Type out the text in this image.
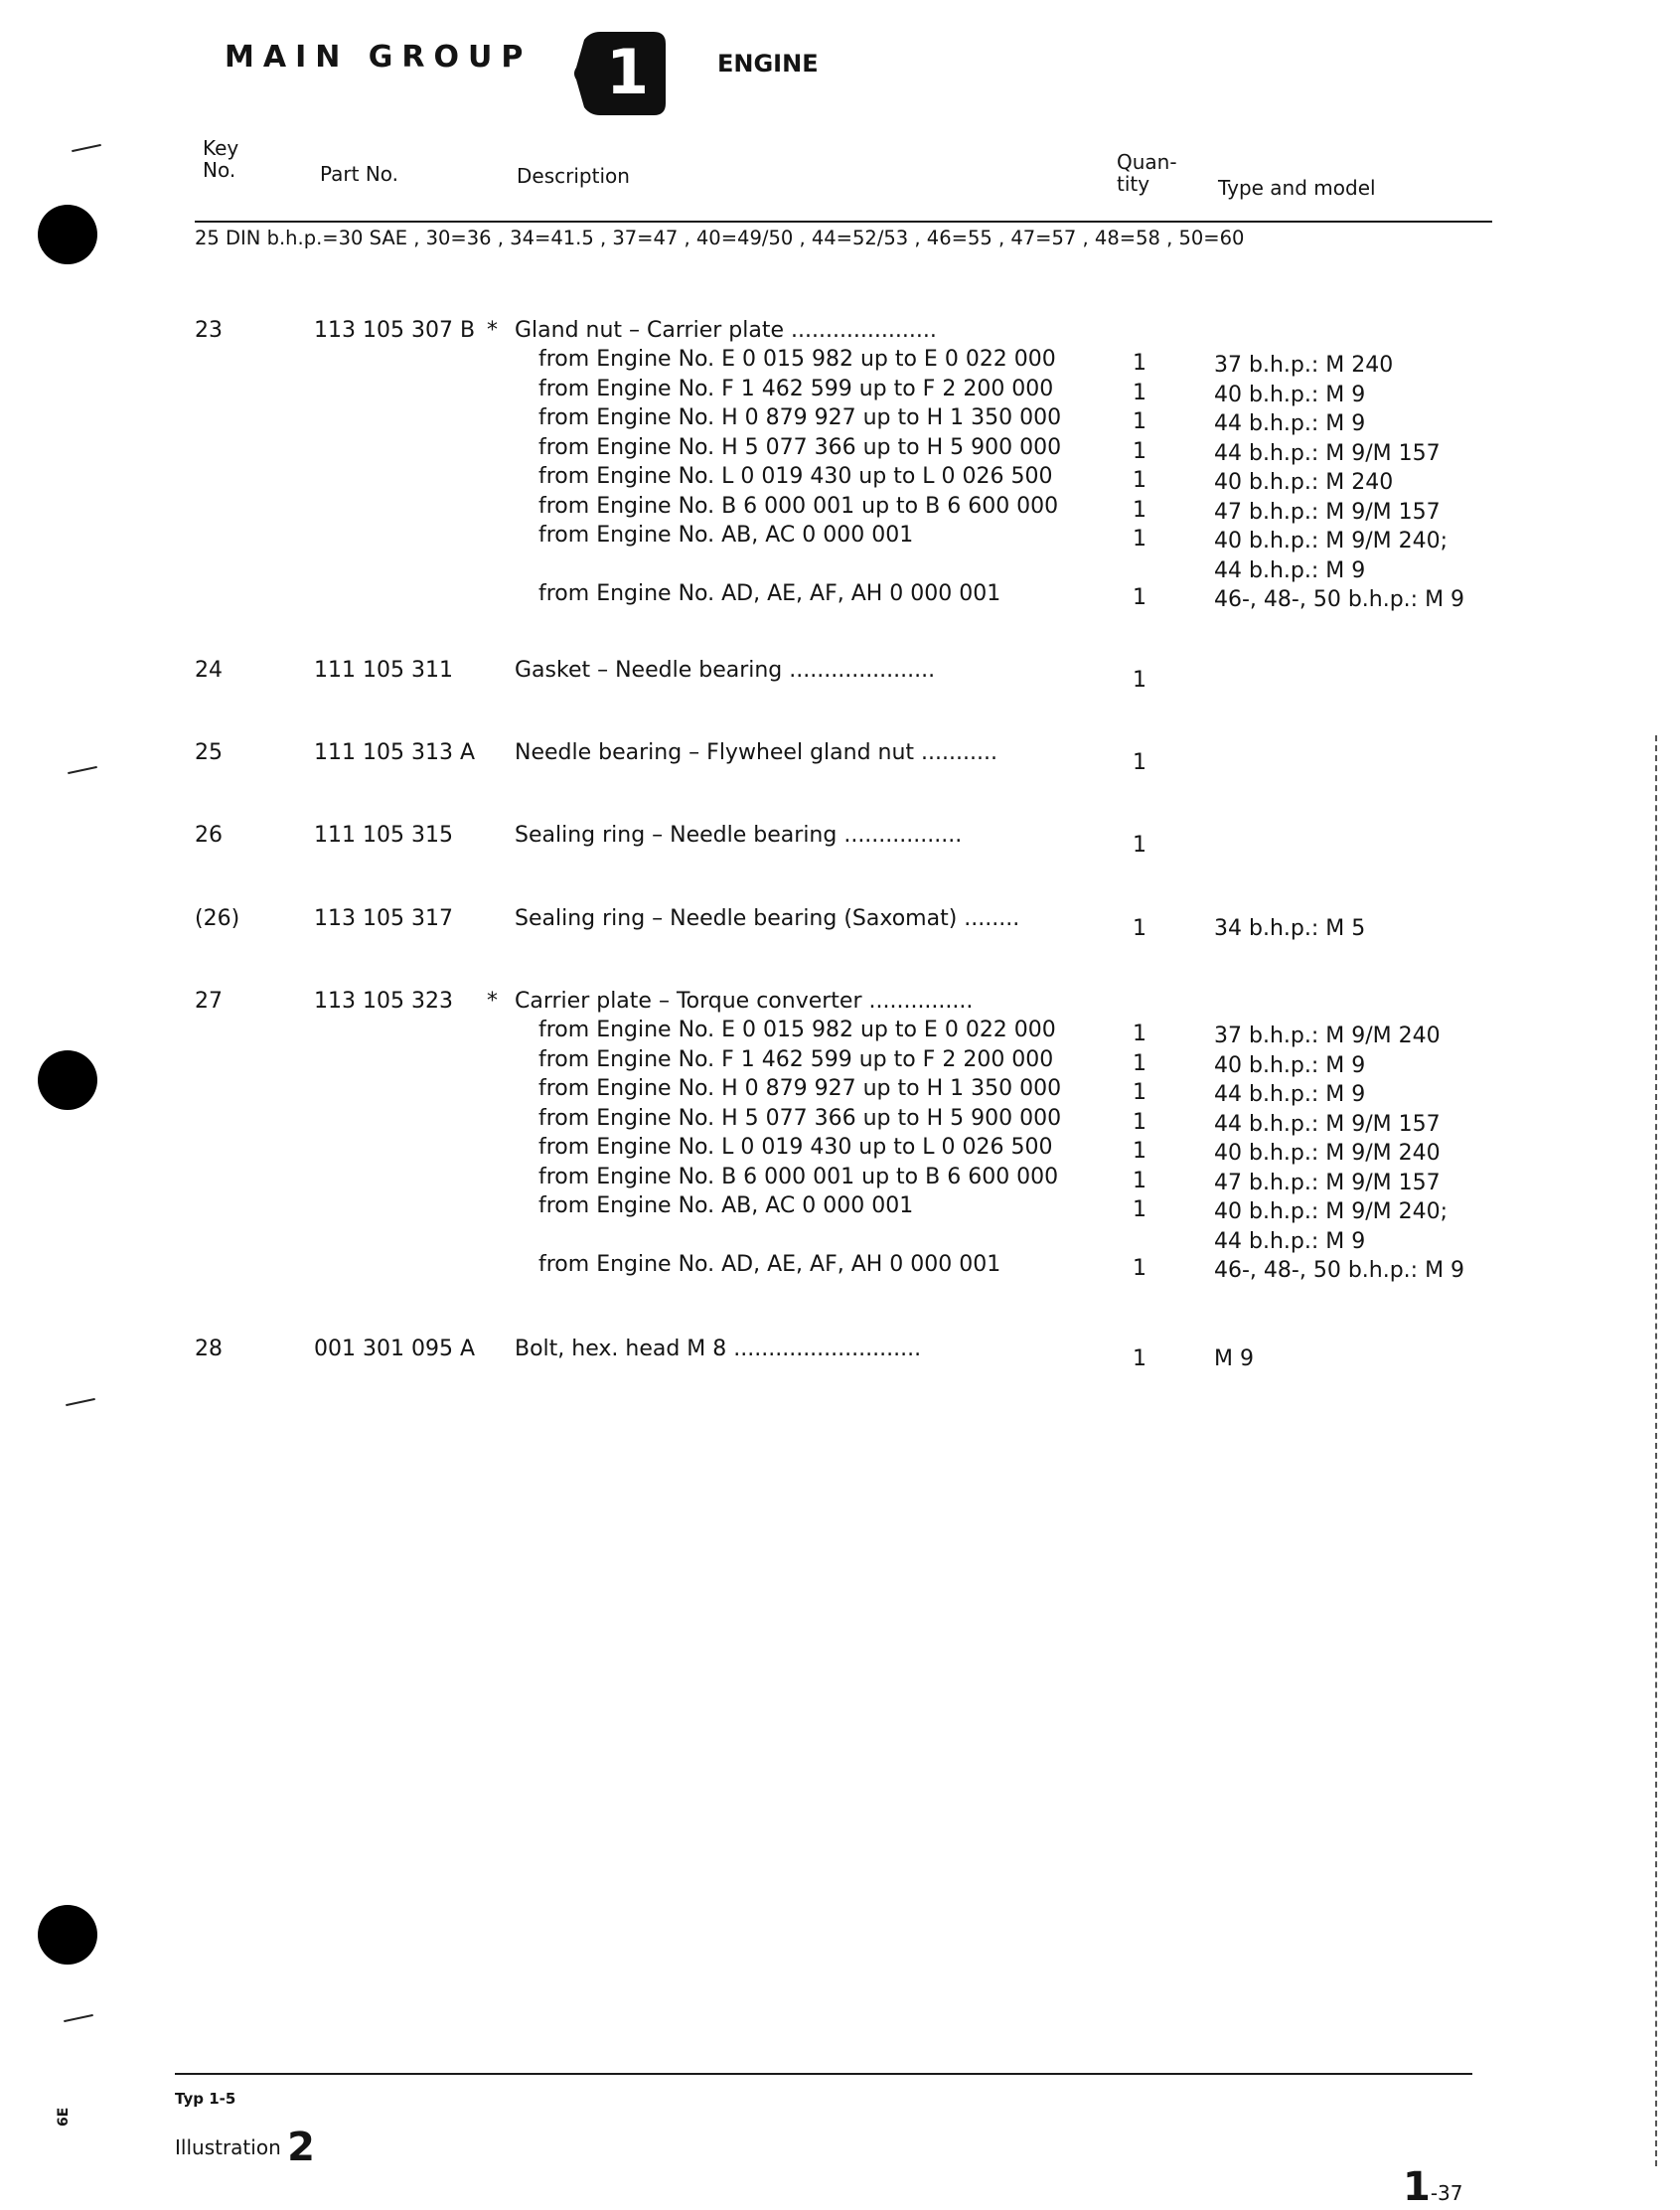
MAIN GROUP 1	ENGINE
Key
No.	Part No.	Description
Quan-
tity	Type and model
25 DIN b.h.p.=30 SAE , 30=36 , 34=41.5 , 37=47 , 40=49/50 , 44=52/53 , 46=55 , 47=57 , 48=58 , 50=60
23	113 105 307 B * Gland nut – Carrier plate .....................
from Engine No. E 0 015 982 up to E 0 022 000	1	37 b.h.p.: M 240
from Engine No. F 1 462 599 up to F 2 200 000	1	40 b.h.p.: M 9
from Engine No. H 0 879 927 up to H 1 350 000	1	44 b.h.p.: M 9
from Engine No. H 5 077 366 up to H 5 900 000	1	44 b.h.p.: M 9/M 157
from Engine No. L 0 019 430 up to L 0 026 500	1	40 b.h.p.: M 240
from Engine No. B 6 000 001 up to B 6 600 000	1	47 b.h.p.: M 9/M 157
from Engine No. AB, AC 0 000 001	1	40 b.h.p.: M 9/M 240;
44 b.h.p.: M 9
from Engine No. AD, AE, AF, AH 0 000 001	1	46-, 48-, 50 b.h.p.: M 9
24	111 105 311	Gasket – Needle bearing .....................	1
25	111 105 313 A Needle bearing – Flywheel gland nut ...........	1
26	111 105 315	Sealing ring – Needle bearing .................	1
(26)	113 105 317	Sealing ring – Needle bearing (Saxomat) ........	1	34 b.h.p.: M 5
27	113 105 323 * Carrier plate – Torque converter ...............
from Engine No. E 0 015 982 up to E 0 022 000	1	37 b.h.p.: M 9/M 240
from Engine No. F 1 462 599 up to F 2 200 000	1	40 b.h.p.: M 9
from Engine No. H 0 879 927 up to H 1 350 000	1	44 b.h.p.: M 9
from Engine No. H 5 077 366 up to H 5 900 000	1	44 b.h.p.: M 9/M 157
from Engine No. L 0 019 430 up to L 0 026 500	1	40 b.h.p.: M 9/M 240
from Engine No. B 6 000 001 up to B 6 600 000	1	47 b.h.p.: M 9/M 157
from Engine No. AB, AC 0 000 001	1	40 b.h.p.: M 9/M 240;
44 b.h.p.: M 9
from Engine No. AD, AE, AF, AH 0 000 001	1	46-, 48-, 50 b.h.p.: M 9
28	001 301 095 A Bolt, hex. head M 8 ...........................	1	M 9
Typ 1-5
Illustration 2
1-37
6E
